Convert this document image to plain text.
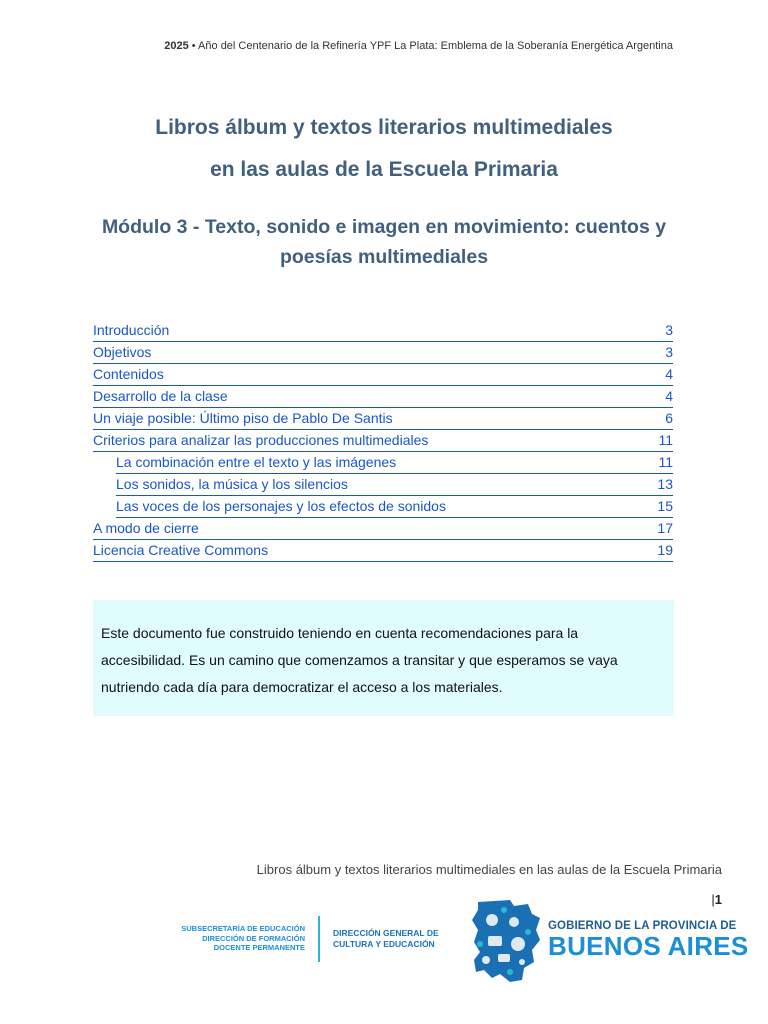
2025 • Año del Centenario de la Refinería YPF La Plata: Emblema de la Soberanía Energética Argentina
Libros álbum y textos literarios multimediales
en las aulas de la Escuela Primaria
Módulo 3 - Texto, sonido e imagen en movimiento: cuentos y poesías multimediales
Introducción	3
Objetivos	3
Contenidos	4
Desarrollo de la clase	4
Un viaje posible: Último piso de Pablo De Santis	6
Criterios para analizar las producciones multimediales	11
La combinación entre el texto y las imágenes	11
Los sonidos, la música y los silencios	13
Las voces de los personajes y los efectos de sonidos	15
A modo de cierre	17
Licencia Creative Commons	19
Este documento fue construido teniendo en cuenta recomendaciones para la accesibilidad. Es un camino que comenzamos a transitar y que esperamos se vaya nutriendo cada día para democratizar el acceso a los materiales.
Libros álbum y textos literarios multimediales en las aulas de la Escuela Primaria
|1
SUBSECRETARÍA DE EDUCACIÓN
DIRECCIÓN DE FORMACIÓN
DOCENTE PERMANENTE
DIRECCIÓN GENERAL DE
CULTURA Y EDUCACIÓN
GOBIERNO DE LA PROVINCIA DE
BUENOS AIRES
